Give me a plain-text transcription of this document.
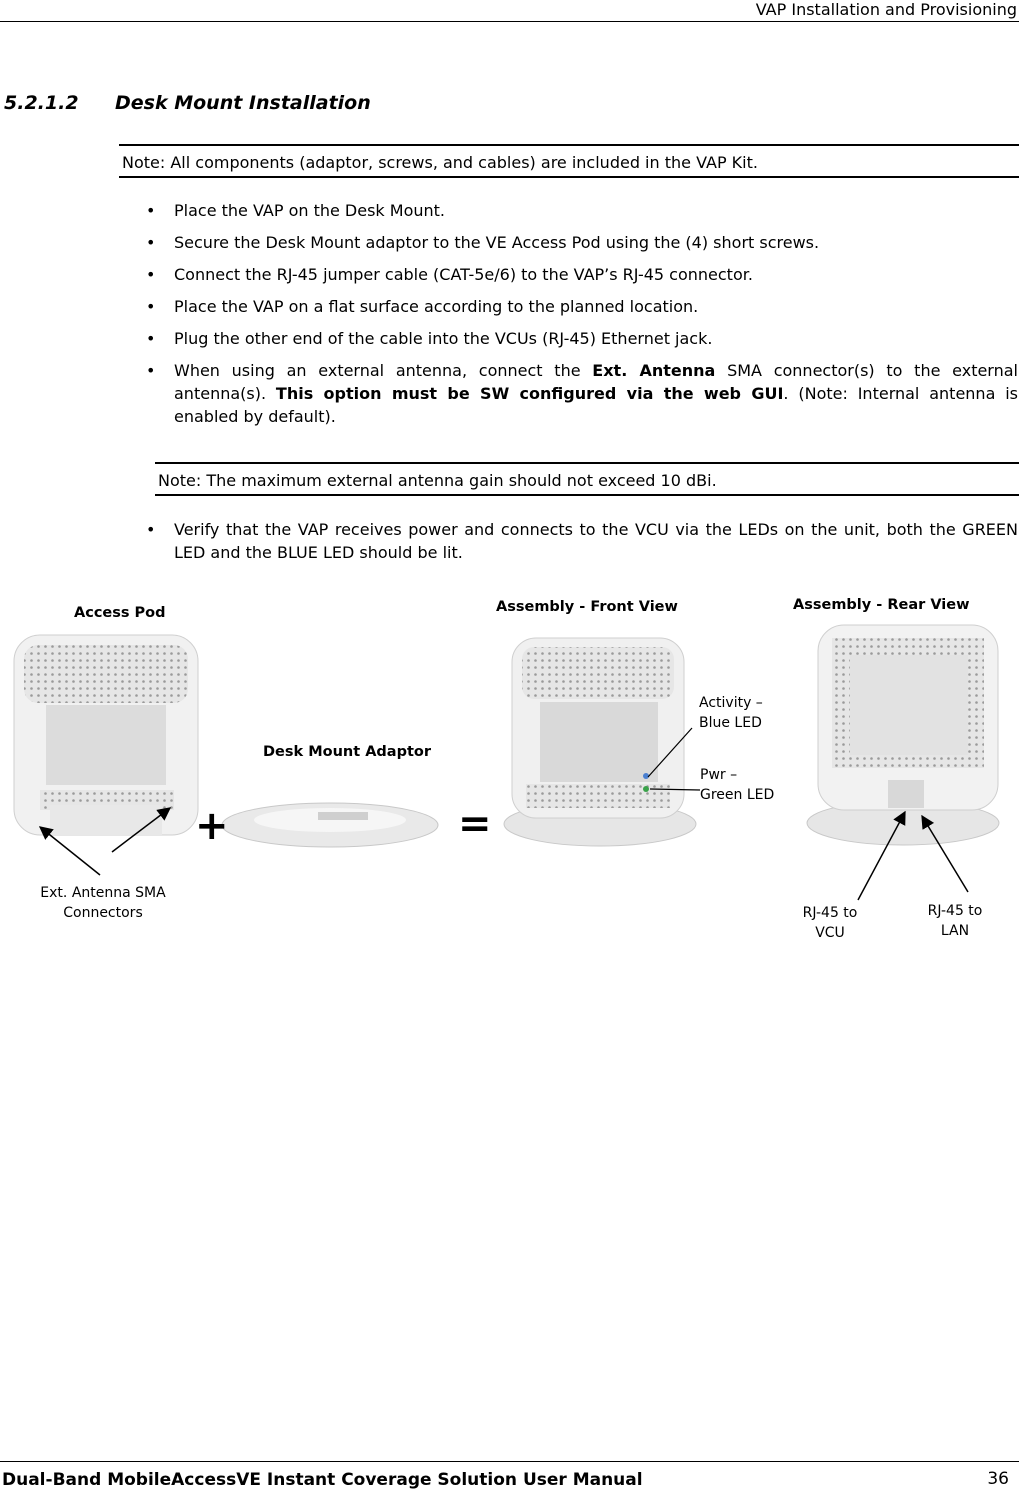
VAP Installation and Provisioning
5.2.1.2 Desk Mount Installation
Note: All components (adaptor, screws, and cables) are included in the VAP Kit.
• Place the VAP on the Desk Mount.
• Secure the Desk Mount adaptor to the VE Access Pod using the (4) short screws.
• Connect the RJ-45 jumper cable (CAT-5e/6) to the VAP’s RJ-45 connector.
• Place the VAP on a flat surface according to the planned location.
• Plug the other end of the cable into the VCUs (RJ-45) Ethernet jack.
• When using an external antenna, connect the Ext. Antenna SMA connector(s) to the external antenna(s). This option must be SW configured via the web GUI. (Note: Internal antenna is enabled by default).
Note: The maximum external antenna gain should not exceed 10 dBi.
• Verify that the VAP receives power and connects to the VCU via the LEDs on the unit, both the GREEN LED and the BLUE LED should be lit.
Access Pod
Desk Mount Adaptor
Assembly - Front View	Assembly - Rear View
+	=
Activity –
Blue LED
Pwr –
Green LED
Ext. Antenna SMA
Connectors	RJ-45 to
VCU
RJ-45 to
LAN
Dual-Band MobileAccessVE Instant Coverage Solution User Manual	36
